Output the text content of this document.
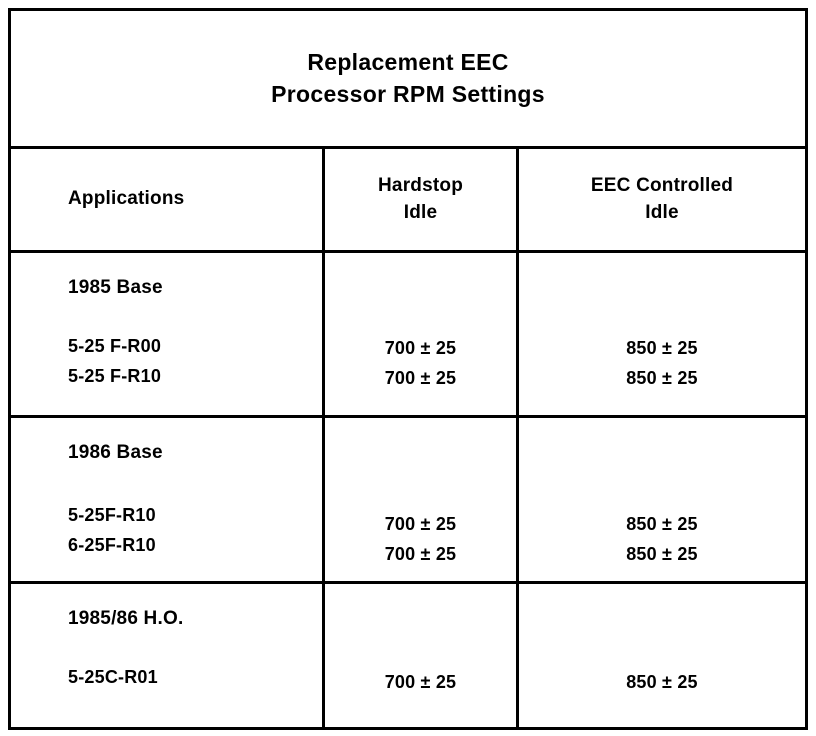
Replacement EEC
Processor RPM Settings
Applications
Hardstop
Idle
EEC Controlled
Idle
1985 Base
5-25 F-R00
5-25 F-R10
700 ± 25
700 ± 25
850 ± 25
850 ± 25
1986 Base
5-25F-R10
6-25F-R10
700 ± 25
700 ± 25
850 ± 25
850 ± 25
1985/86 H.O.
5-25C-R01	700 ± 25	850 ± 25
